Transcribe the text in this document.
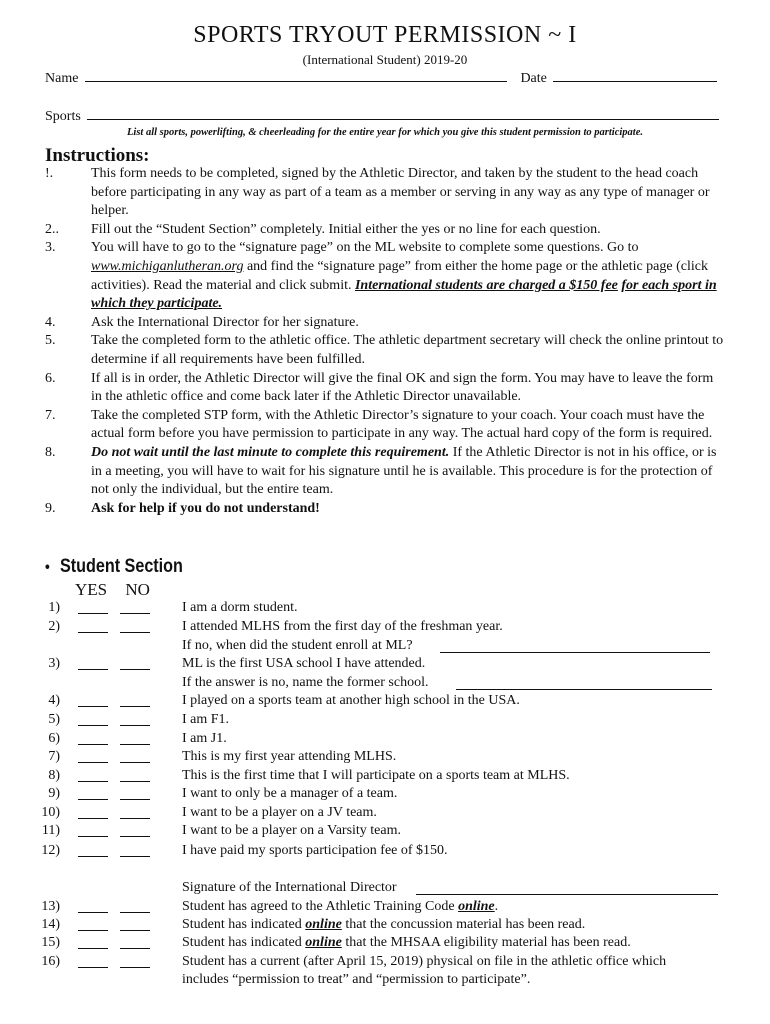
SPORTS TRYOUT PERMISSION ~ I
(International Student) 2019-20
Name	Date
Sports
List all sports, powerlifting, & cheerleading for the entire year for which you give this student permission to participate.
Instructions:
!.	This form needs to be completed, signed by the Athletic Director, and taken by the student to the head coach before participating in any way as part of a team as a member or serving in any way as any type of manager or helper.
2..	Fill out the “Student Section” completely. Initial either the yes or no line for each question.
3.	You will have to go to the “signature page” on the ML website to complete some questions. Go to www.michiganlutheran.org and find the “signature page” from either the home page or the athletic page (click activities). Read the material and click submit. International students are charged a $150 fee for each sport in which they participate.
4.	Ask the International Director for her signature.
5.	Take the completed form to the athletic office. The athletic department secretary will check the online printout to determine if all requirements have been fulfilled.
6.	If all is in order, the Athletic Director will give the final OK and sign the form. You may have to leave the form in the athletic office and come back later if the Athletic Director unavailable.
7.	Take the completed STP form, with the Athletic Director’s signature to your coach. Your coach must have the actual form before you have permission to participate in any way. The actual hard copy of the form is required.
8.	Do not wait until the last minute to complete this requirement. If the Athletic Director is not in his office, or is in a meeting, you will have to wait for his signature until he is available. This procedure is for the protection of not only the individual, but the entire team.
9.	Ask for help if you do not understand!
• Student Section
YES NO
1)	I am a dorm student.
2)	I attended MLHS from the first day of the freshman year.
If no, when did the student enroll at ML?
3)	ML is the first USA school I have attended.
If the answer is no, name the former school.
4)	I played on a sports team at another high school in the USA.
5)	I am F1.
6)	I am J1.
7)	This is my first year attending MLHS.
8)	This is the first time that I will participate on a sports team at MLHS.
9)	I want to only be a manager of a team.
10)	I want to be a player on a JV team.
11)	I want to be a player on a Varsity team.
12)	I have paid my sports participation fee of $150.
Signature of the International Director
13)	Student has agreed to the Athletic Training Code online.
14)	Student has indicated online that the concussion material has been read.
15)	Student has indicated online that the MHSAA eligibility material has been read.
16)	Student has a current (after April 15, 2019) physical on file in the athletic office which
includes “permission to treat” and “permission to participate”.
